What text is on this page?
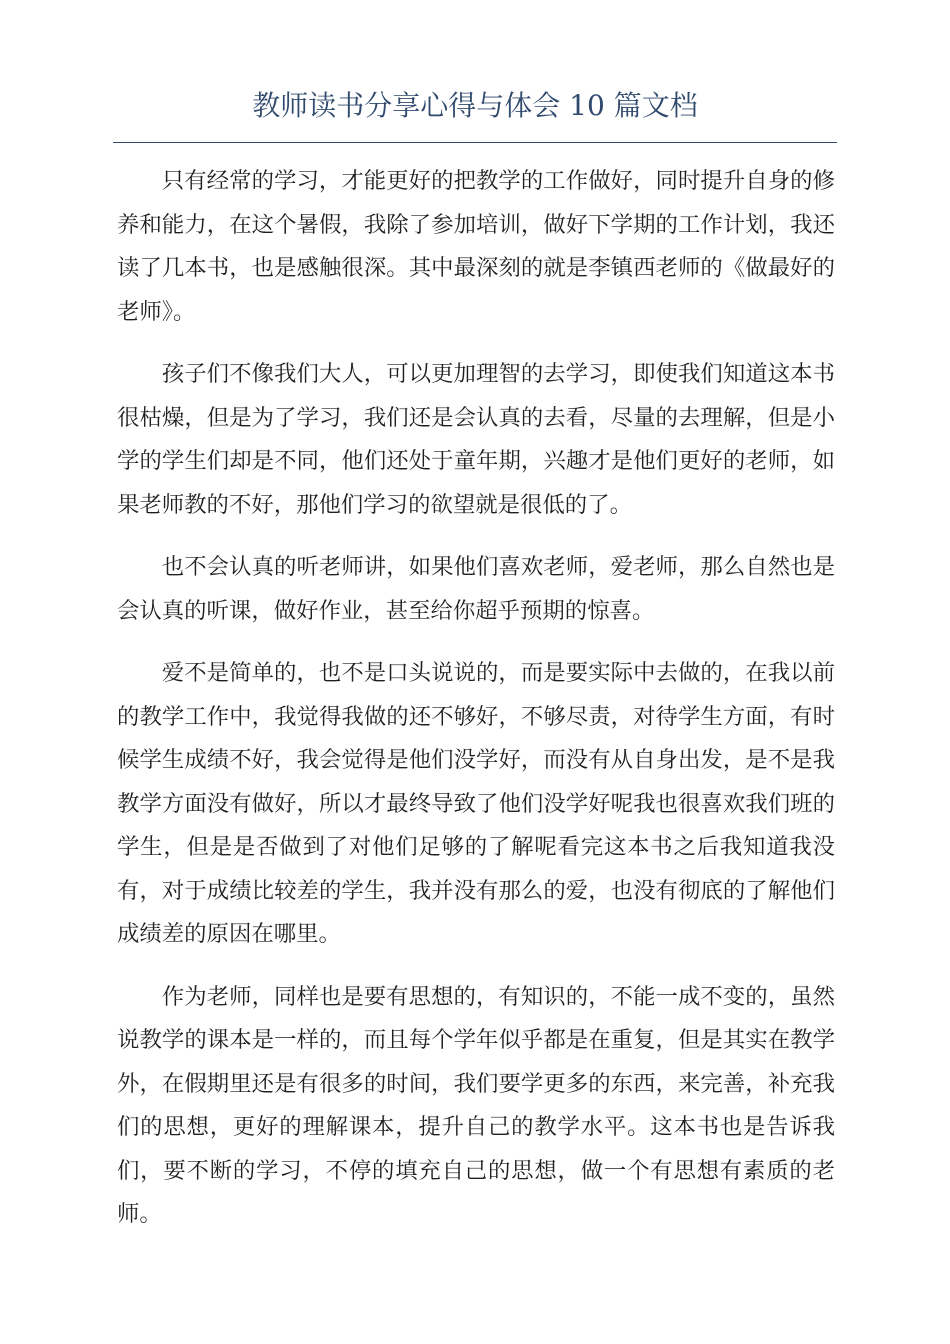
教师读书分享心得与体会 10 篇文档

只有经常的学习，才能更好的把教学的工作做好，同时提升自身的修养和能力，在这个暑假，我除了参加培训，做好下学期的工作计划，我还读了几本书，也是感触很深。其中最深刻的就是李镇西老师的《做最好的老师》。

孩子们不像我们大人，可以更加理智的去学习，即使我们知道这本书很枯燥，但是为了学习，我们还是会认真的去看，尽量的去理解，但是小学的学生们却是不同，他们还处于童年期，兴趣才是他们更好的老师，如果老师教的不好，那他们学习的欲望就是很低的了。

也不会认真的听老师讲，如果他们喜欢老师，爱老师，那么自然也是会认真的听课，做好作业，甚至给你超乎预期的惊喜。

爱不是简单的，也不是口头说说的，而是要实际中去做的，在我以前的教学工作中，我觉得我做的还不够好，不够尽责，对待学生方面，有时候学生成绩不好，我会觉得是他们没学好，而没有从自身出发，是不是我教学方面没有做好，所以才最终导致了他们没学好呢我也很喜欢我们班的学生，但是是否做到了对他们足够的了解呢看完这本书之后我知道我没有，对于成绩比较差的学生，我并没有那么的爱，也没有彻底的了解他们成绩差的原因在哪里。

作为老师，同样也是要有思想的，有知识的，不能一成不变的，虽然说教学的课本是一样的，而且每个学年似乎都是在重复，但是其实在教学外，在假期里还是有很多的时间，我们要学更多的东西，来完善，补充我们的思想，更好的理解课本，提升自己的教学水平。这本书也是告诉我们，要不断的学习，不停的填充自己的思想，做一个有思想有素质的老师。
